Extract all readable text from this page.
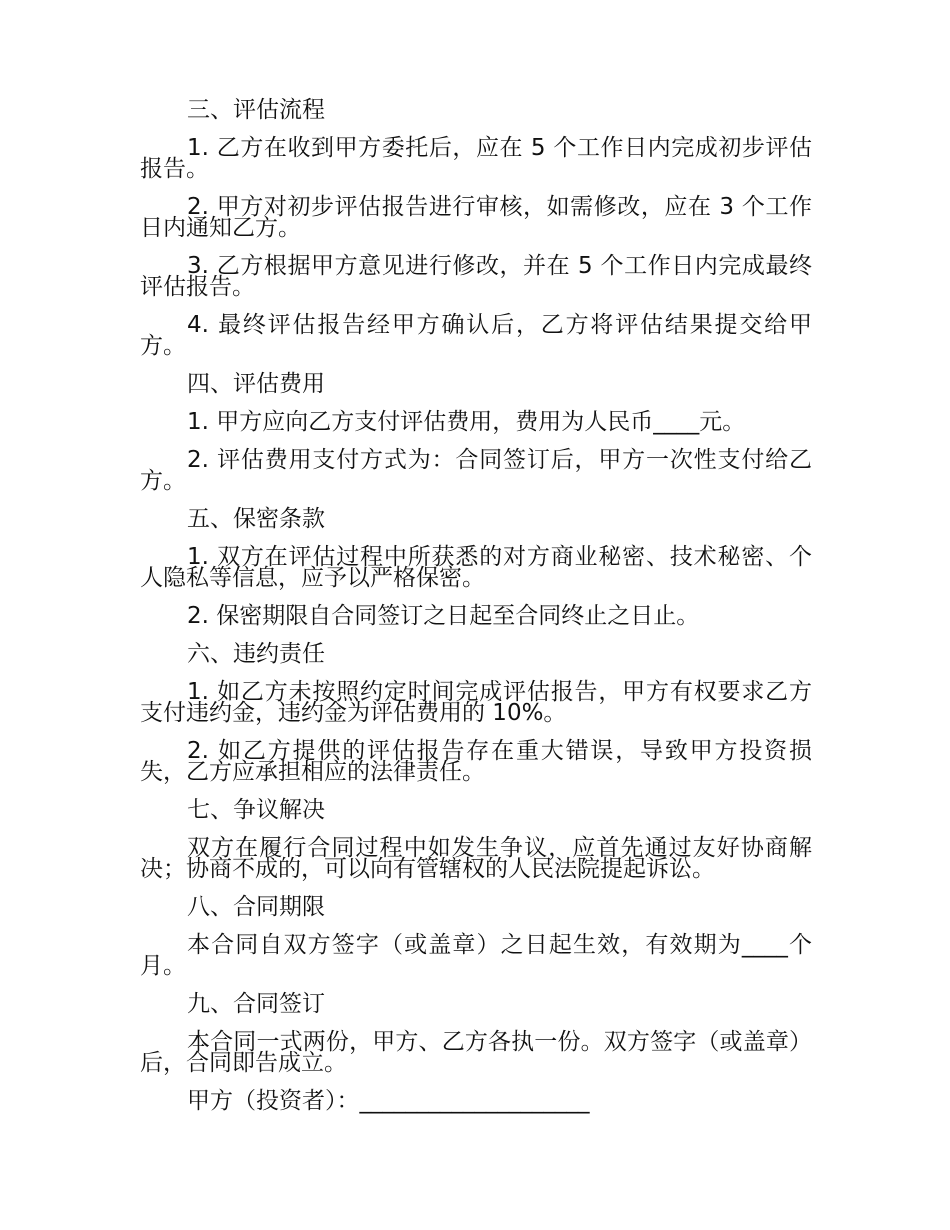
三、评估流程

1. 乙方在收到甲方委托后，应在 5 个工作日内完成初步评估报告。

2. 甲方对初步评估报告进行审核，如需修改，应在 3 个工作日内通知乙方。

3. 乙方根据甲方意见进行修改，并在 5 个工作日内完成最终评估报告。

4. 最终评估报告经甲方确认后，乙方将评估结果提交给甲方。

四、评估费用

1. 甲方应向乙方支付评估费用，费用为人民币____元。

2. 评估费用支付方式为：合同签订后，甲方一次性支付给乙方。

五、保密条款

1. 双方在评估过程中所获悉的对方商业秘密、技术秘密、个人隐私等信息，应予以严格保密。

2. 保密期限自合同签订之日起至合同终止之日止。

六、违约责任

1. 如乙方未按照约定时间完成评估报告，甲方有权要求乙方支付违约金，违约金为评估费用的 10%。

2. 如乙方提供的评估报告存在重大错误，导致甲方投资损失，乙方应承担相应的法律责任。

七、争议解决

双方在履行合同过程中如发生争议，应首先通过友好协商解决；协商不成的，可以向有管辖权的人民法院提起诉讼。

八、合同期限

本合同自双方签字（或盖章）之日起生效，有效期为____个月。

九、合同签订

本合同一式两份，甲方、乙方各执一份。双方签字（或盖章）后，合同即告成立。

甲方（投资者）：____________________
